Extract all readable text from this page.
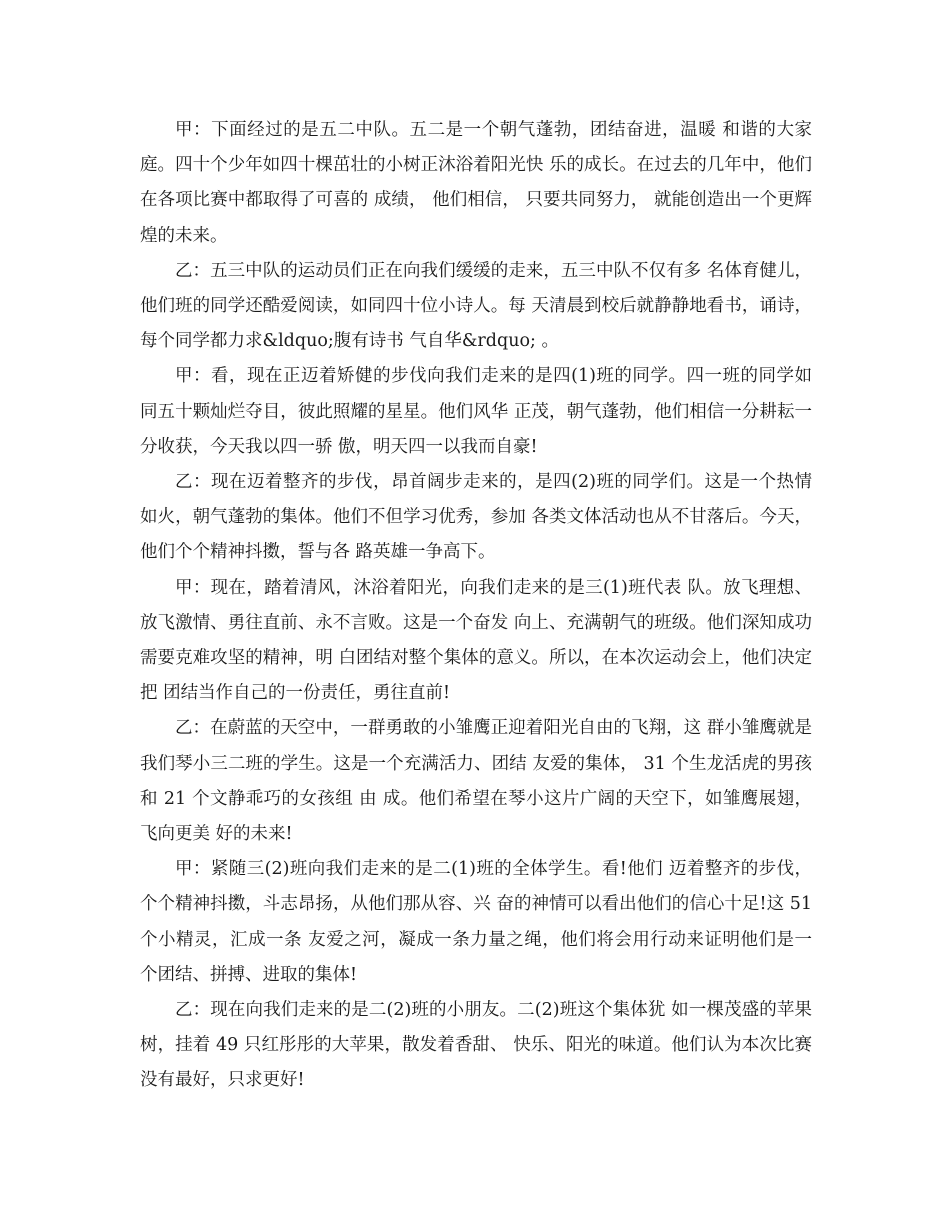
甲：下面经过的是五二中队。五二是一个朝气蓬勃，团结奋进，温暖 和谐的大家庭。四十个少年如四十棵茁壮的小树正沐浴着阳光快 乐的成长。在过去的几年中，他们在各项比赛中都取得了可喜的 成绩， 他们相信， 只要共同努力， 就能创造出一个更辉煌的未来。

乙：五三中队的运动员们正在向我们缓缓的走来，五三中队不仅有多 名体育健儿，他们班的同学还酷爱阅读，如同四十位小诗人。每 天清晨到校后就静静地看书，诵诗，每个同学都力求&ldquo;腹有诗书 气自华&rdquo; 。

甲：看，现在正迈着矫健的步伐向我们走来的是四(1)班的同学。四一班的同学如同五十颗灿烂夺目，彼此照耀的星星。他们风华 正茂，朝气蓬勃，他们相信一分耕耘一分收获，今天我以四一骄 傲，明天四一以我而自豪!

乙：现在迈着整齐的步伐，昂首阔步走来的，是四(2)班的同学们。这是一个热情如火，朝气蓬勃的集体。他们不但学习优秀，参加 各类文体活动也从不甘落后。今天，他们个个精神抖擞，誓与各 路英雄一争高下。

甲：现在，踏着清风，沐浴着阳光，向我们走来的是三(1)班代表 队。放飞理想、放飞激情、勇往直前、永不言败。这是一个奋发 向上、充满朝气的班级。他们深知成功需要克难攻坚的精神，明 白团结对整个集体的意义。所以，在本次运动会上，他们决定把 团结当作自己的一份责任，勇往直前!

乙：在蔚蓝的天空中，一群勇敢的小雏鹰正迎着阳光自由的飞翔，这 群小雏鹰就是我们琴小三二班的学生。这是一个充满活力、团结 友爱的集体， 31 个生龙活虎的男孩和 21 个文静乖巧的女孩组 由 成。他们希望在琴小这片广阔的天空下，如雏鹰展翅，飞向更美 好的未来!

甲：紧随三(2)班向我们走来的是二(1)班的全体学生。看!他们 迈着整齐的步伐，个个精神抖擞，斗志昂扬，从他们那从容、兴 奋的神情可以看出他们的信心十足!这 51 个小精灵，汇成一条 友爱之河，凝成一条力量之绳，他们将会用行动来证明他们是一 个团结、拼搏、进取的集体!

乙：现在向我们走来的是二(2)班的小朋友。二(2)班这个集体犹 如一棵茂盛的苹果树，挂着 49 只红彤彤的大苹果，散发着香甜、 快乐、阳光的味道。他们认为本次比赛没有最好，只求更好!
